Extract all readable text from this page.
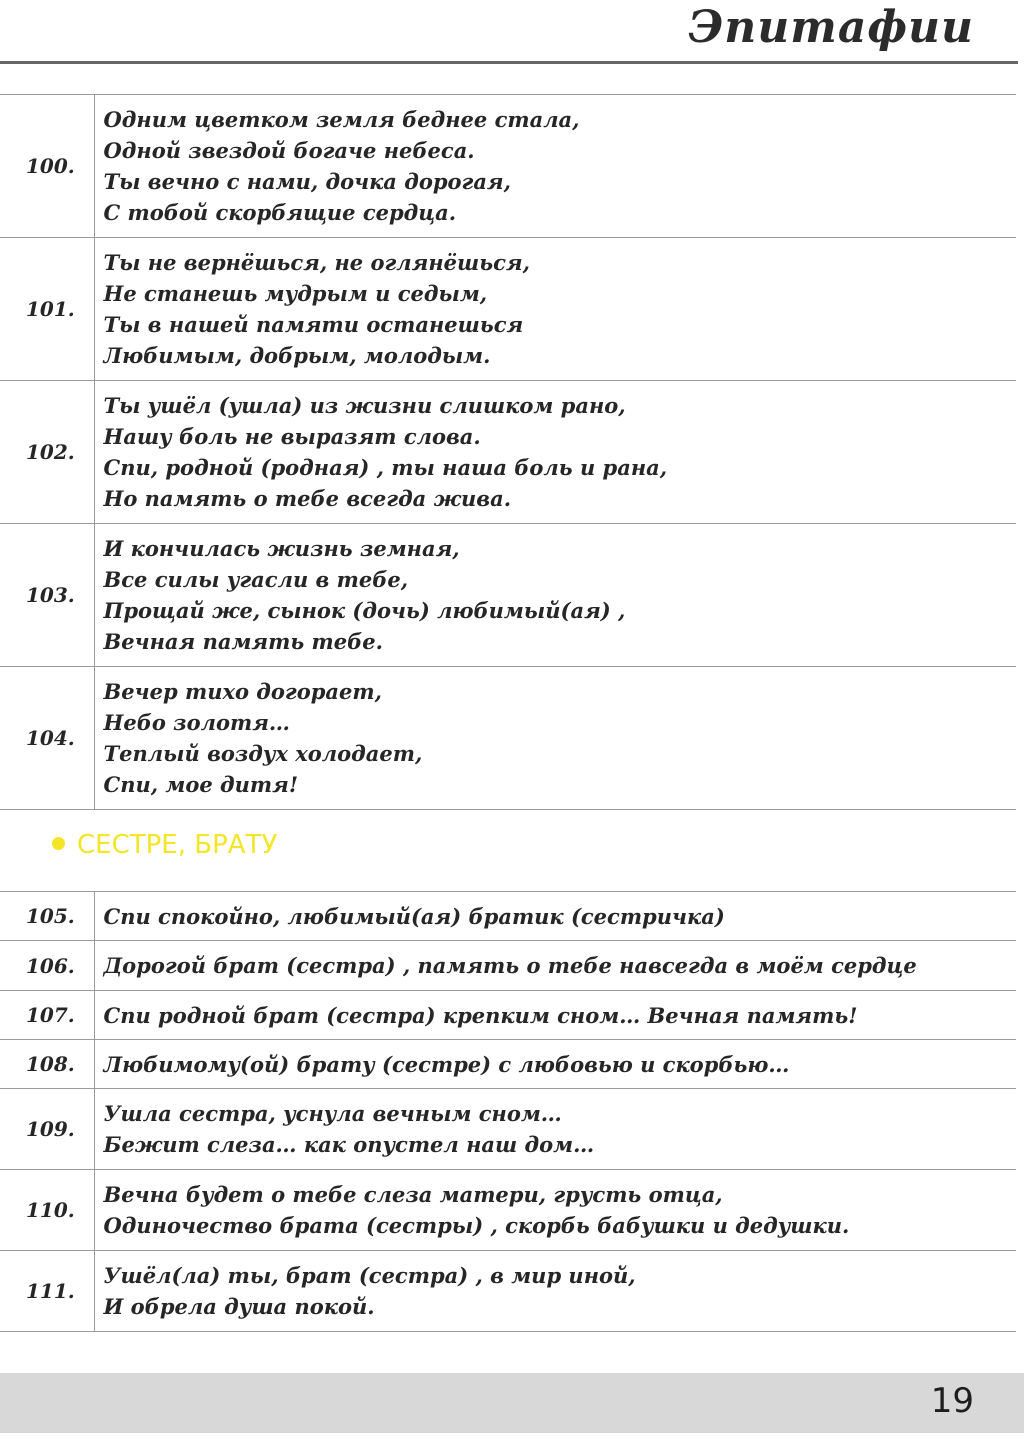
Эпитафии
100.	Одним цветком земля беднее стала,
Одной звездой богаче небеса.
Ты вечно с нами, дочка дорогая,
С тобой скорбящие сердца.

101.	Ты не вернёшься, не оглянёшься,
Не станешь мудрым и седым,
Ты в нашей памяти останешься
Любимым, добрым, молодым.

102.	Ты ушёл (ушла) из жизни слишком рано,
Нашу боль не выразят слова.
Спи, родной (родная) , ты наша боль и рана,
Но память о тебе всегда жива.

103.	И кончилась жизнь земная,
Все силы угасли в тебе,
Прощай же, сынок (дочь) любимый(ая) ,
Вечная память тебе.

104.	Вечер тихо догорает,
Небо золотя…
Теплый воздух холодает,
Спи, мое дитя!
СЕСТРЕ, БРАТУ
105.	Спи спокойно, любимый(ая) братик (сестричка)

106.	Дорогой брат (сестра) , память о тебе навсегда в моём сердце

107.	Спи родной брат (сестра) крепким сном… Вечная память!

108.	Любимому(ой) брату (сестре) с любовью и скорбью…

109.	Ушла сестра, уснула вечным сном…
Бежит слеза… как опустел наш дом…

110.	Вечна будет о тебе слеза матери, грусть отца,
Одиночество брата (сестры) , скорбь бабушки и дедушки.

111.	Ушёл(ла) ты, брат (сестра) , в мир иной,
И обрела душа покой.
19
